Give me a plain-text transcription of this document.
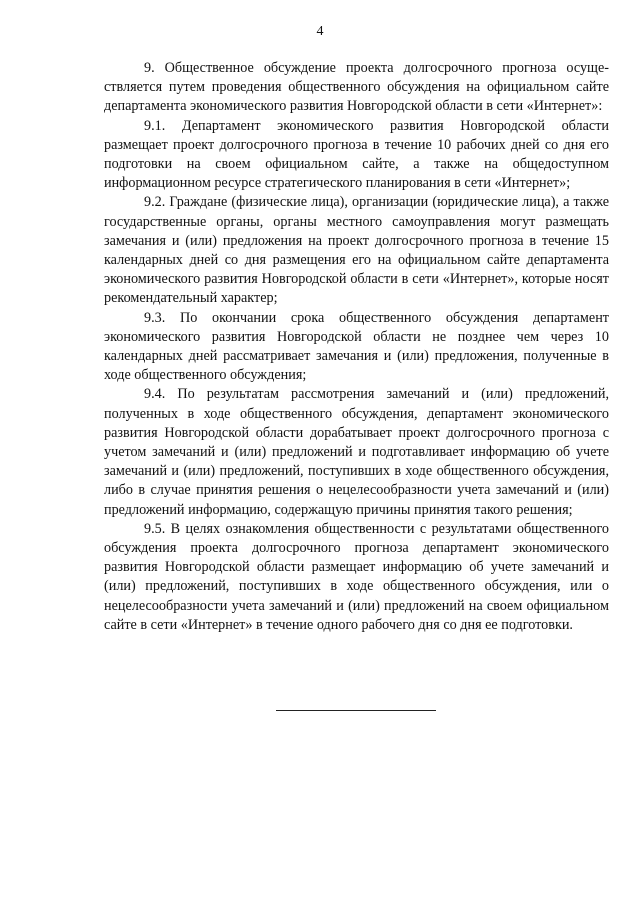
4

9. Общественное обсуждение проекта долгосрочного прогноза осуществляется путем проведения общественного обсуждения на официальном сайте департамента экономического развития Новгородской области в сети «Интернет»:

9.1. Департамент экономического развития Новгородской области размещает проект долгосрочного прогноза в течение 10 рабочих дней со дня его подготовки на своем официальном сайте, а также на общедоступном информационном ресурсе стратегического планирования в сети «Интернет»;

9.2. Граждане (физические лица), организации (юридические лица), а также государственные органы, органы местного самоуправления могут размещать замечания и (или) предложения на проект долгосрочного прогноза в течение 15 календарных дней со дня размещения его на официальном сайте департамента экономического развития Новгородской области в сети «Интернет», которые носят рекомендательный характер;

9.3. По окончании срока общественного обсуждения департамент экономического развития Новгородской области не позднее чем через 10 календарных дней рассматривает замечания и (или) предложения, полученные в ходе общественного обсуждения;

9.4. По результатам рассмотрения замечаний и (или) предложений, полученных в ходе общественного обсуждения, департамент экономического развития Новгородской области дорабатывает проект долгосрочного прогноза с учетом замечаний и (или) предложений и подготавливает информацию об учете замечаний и (или) предложений, поступивших в ходе общественного обсуждения, либо в случае принятия решения о нецелесообразности учета замечаний и (или) предложений информацию, содержащую причины принятия такого решения;

9.5. В целях ознакомления общественности с результатами общественного обсуждения проекта долгосрочного прогноза департамент экономического развития Новгородской области размещает информацию об учете замечаний и (или) предложений, поступивших в ходе общественного обсуждения, или о нецелесообразности учета замечаний и (или) предложений на своем официальном сайте в сети «Интернет» в течение одного рабочего дня со дня ее подготовки.
